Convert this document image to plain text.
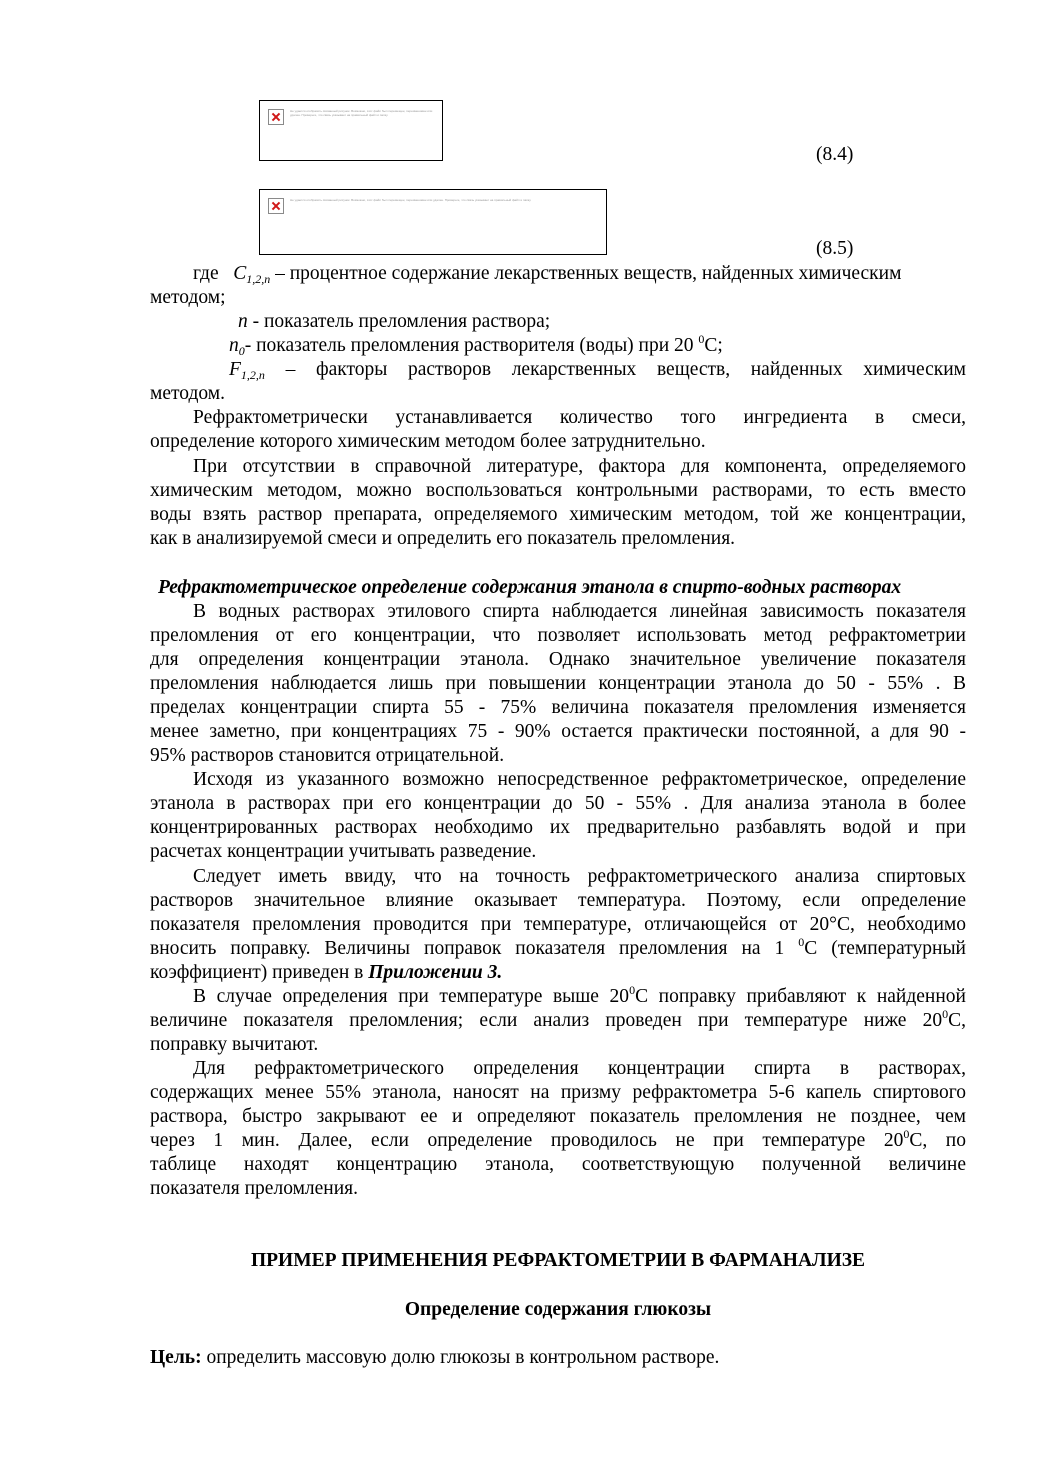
Не удается отобразить связанный рисунок. Возможно, этот файл был перемещен, переименован или удален. Проверьте, что связь указывает на правильный файл и папку.
(8.4)
Не удается отобразить связанный рисунок. Возможно, этот файл был перемещен, переименован или удален. Проверьте, что связь указывает на правильный файл и папку.
(8.5)
где $C_{1,2,n}$ – процентное содержание лекарственных веществ, найденных химическим
методом;
n - показатель преломления раствора;
$n_0-$ показатель преломления растворителя (воды) при 20 $^0$С;
$F_{1,2,n}$ – факторы растворов лекарственных веществ, найденных химическим
методом.
Рефрактометрически устанавливается количество того ингредиента в смеси,
определение которого химическим методом более затруднительно.
При отсутствии в справочной литературе, фактора для компонента, определяемого
химическим методом, можно воспользоваться контрольными растворами, то есть вместо
воды взять раствор препарата, определяемого химическим методом, той же концентрации,
как в анализируемой смеси и определить его показатель преломления.
Рефрактометрическое определение содержания этанола в спирто-водных растворах
В водных растворах этилового спирта наблюдается линейная зависимость показателя
преломления от его концентрации, что позволяет использовать метод рефрактометрии
для определения концентрации этанола. Однако значительное увеличение показателя
преломления наблюдается лишь при повышении концентрации этанола до 50 - 55% . В
пределах концентрации спирта 55 - 75% величина показателя преломления изменяется
менее заметно, при концентрациях 75 - 90% остается практически постоянной, а для 90 -
95% растворов становится отрицательной.
Исходя из указанного возможно непосредственное рефрактометрическое, определение
этанола в растворах при его концентрации до 50 - 55% . Для анализа этанола в более
концентрированных растворах необходимо их предварительно разбавлять водой и при
расчетах концентрации учитывать разведение.
Следует иметь ввиду, что на точность рефрактометрического анализа спиртовых
растворов значительное влияние оказывает температура. Поэтому, если определение
показателя преломления проводится при температуре, отличающейся от 20°С, необходимо
вносить поправку. Величины поправок показателя преломления на 1 $^0$С (температурный
коэффициент) приведен в Приложении 3.
В случае определения при температуре выше $20^0С$ поправку прибавляют к найденной
величине показателя преломления; если анализ проведен при температуре ниже $20^0С$,
поправку вычитают.
Для рефрактометрического определения концентрации спирта в растворах,
содержащих менее 55% этанола, наносят на призму рефрактометра 5-6 капель спиртового
раствора, быстро закрывают ее и определяют показатель преломления не позднее, чем
через 1 мин. Далее, если определение проводилось не при температуре $20^0С$, по
таблице находят концентрацию этанола, соответствующую полученной величине
показателя преломления.
ПРИМЕР ПРИМЕНЕНИЯ РЕФРАКТОМЕТРИИ В ФАРМАНАЛИЗЕ
Определение содержания глюкозы
Цель: определить массовую долю глюкозы в контрольном растворе.
